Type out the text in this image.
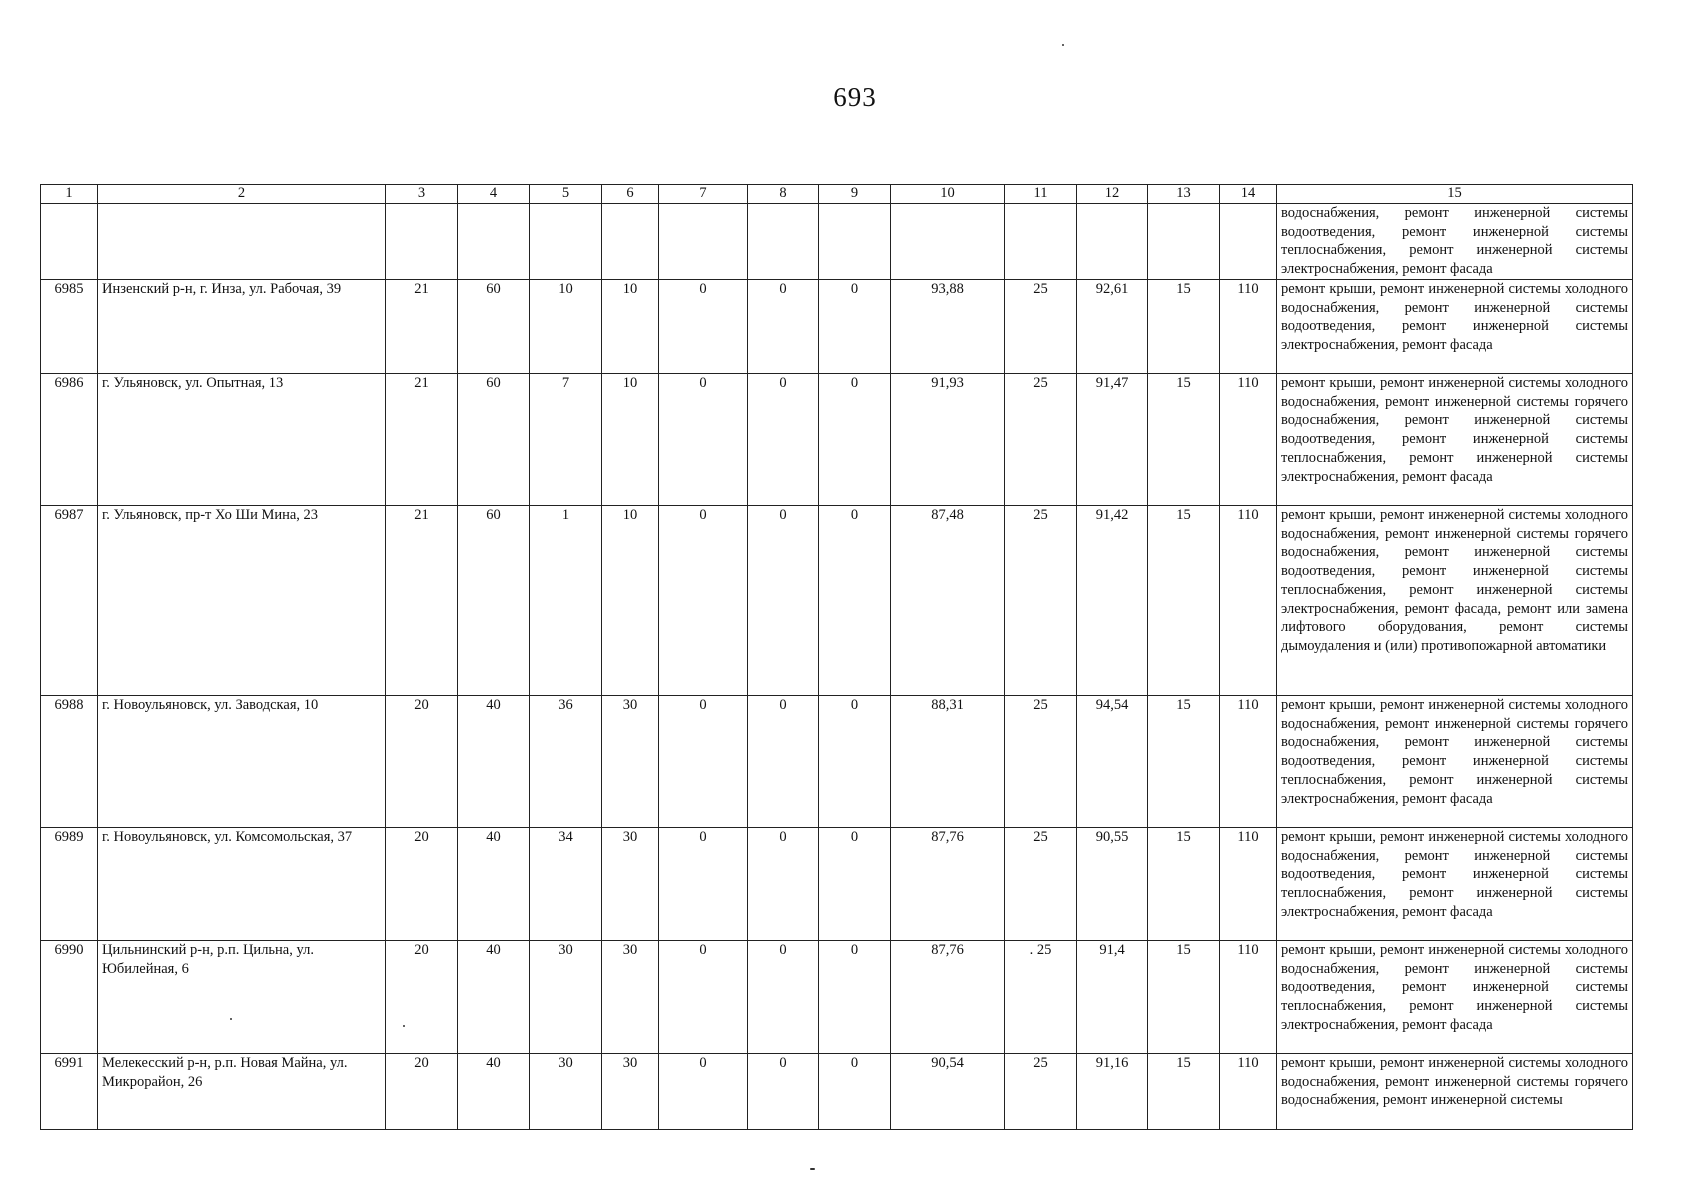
693
1	2	3	4	5	6	7	8	9	10	11	12	13	14	15
														водоснабжения, ремонт инженерной системы водоотведения, ремонт инженерной системы теплоснабжения, ремонт инженерной системы электроснабжения, ремонт фасада
6985	Инзенский р-н, г. Инза, ул. Рабочая, 39	21	60	10	10	0	0	0	93,88	25	92,61	15	110	ремонт крыши, ремонт инженерной системы холодного водоснабжения, ремонт инженерной системы водоотведения, ремонт инженерной системы электроснабжения, ремонт фасада
6986	г. Ульяновск, ул. Опытная, 13	21	60	7	10	0	0	0	91,93	25	91,47	15	110	ремонт крыши, ремонт инженерной системы холодного водоснабжения, ремонт инженерной системы горячего водоснабжения, ремонт инженерной системы водоотведения, ремонт инженерной системы теплоснабжения, ремонт инженерной системы электроснабжения, ремонт фасада
6987	г. Ульяновск, пр-т Хо Ши Мина, 23	21	60	1	10	0	0	0	87,48	25	91,42	15	110	ремонт крыши, ремонт инженерной системы холодного водоснабжения, ремонт инженерной системы горячего водоснабжения, ремонт инженерной системы водоотведения, ремонт инженерной системы теплоснабжения, ремонт инженерной системы электроснабжения, ремонт фасада, ремонт или замена лифтового оборудования, ремонт системы дымоудаления и (или) противопожарной автоматики
6988	г. Новоульяновск, ул. Заводская, 10	20	40	36	30	0	0	0	88,31	25	94,54	15	110	ремонт крыши, ремонт инженерной системы холодного водоснабжения, ремонт инженерной системы горячего водоснабжения, ремонт инженерной системы водоотведения, ремонт инженерной системы теплоснабжения, ремонт инженерной системы электроснабжения, ремонт фасада
6989	г. Новоульяновск, ул. Комсомольская, 37	20	40	34	30	0	0	0	87,76	25	90,55	15	110	ремонт крыши, ремонт инженерной системы холодного водоснабжения, ремонт инженерной системы водоотведения, ремонт инженерной системы теплоснабжения, ремонт инженерной системы электроснабжения, ремонт фасада
6990	Цильнинский р-н, р.п. Цильна, ул. Юбилейная, 6	20	40	30	30	0	0	0	87,76	. 25	91,4	15	110	ремонт крыши, ремонт инженерной системы холодного водоснабжения, ремонт инженерной системы водоотведения, ремонт инженерной системы теплоснабжения, ремонт инженерной системы электроснабжения, ремонт фасада
6991	Мелекесский р-н, р.п. Новая Майна, ул. Микрорайон, 26	20	40	30	30	0	0	0	90,54	25	91,16	15	110	ремонт крыши, ремонт инженерной системы холодного водоснабжения, ремонт инженерной системы горячего водоснабжения, ремонт инженерной системы
